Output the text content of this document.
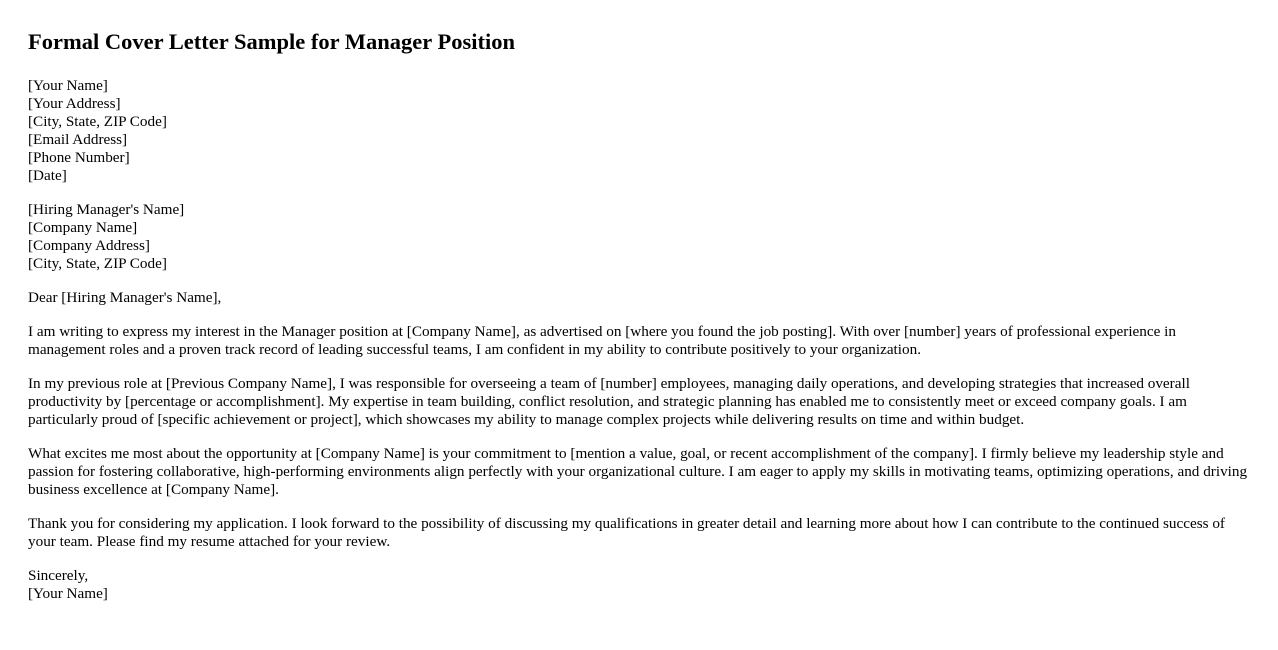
Formal Cover Letter Sample for Manager Position
[Your Name]
[Your Address]
[City, State, ZIP Code]
[Email Address]
[Phone Number]
[Date]
[Hiring Manager's Name]
[Company Name]
[Company Address]
[City, State, ZIP Code]

Dear [Hiring Manager's Name],

I am writing to express my interest in the Manager position at [Company Name], as advertised on [where you found the job posting]. With over [number] years of professional experience in management roles and a proven track record of leading successful teams, I am confident in my ability to contribute positively to your organization.

In my previous role at [Previous Company Name], I was responsible for overseeing a team of [number] employees, managing daily operations, and developing strategies that increased overall productivity by [percentage or accomplishment]. My expertise in team building, conflict resolution, and strategic planning has enabled me to consistently meet or exceed company goals. I am particularly proud of [specific achievement or project], which showcases my ability to manage complex projects while delivering results on time and within budget.

What excites me most about the opportunity at [Company Name] is your commitment to [mention a value, goal, or recent accomplishment of the company]. I firmly believe my leadership style and passion for fostering collaborative, high-performing environments align perfectly with your organizational culture. I am eager to apply my skills in motivating teams, optimizing operations, and driving business excellence at [Company Name].

Thank you for considering my application. I look forward to the possibility of discussing my qualifications in greater detail and learning more about how I can contribute to the continued success of your team. Please find my resume attached for your review.

Sincerely,
[Your Name]
